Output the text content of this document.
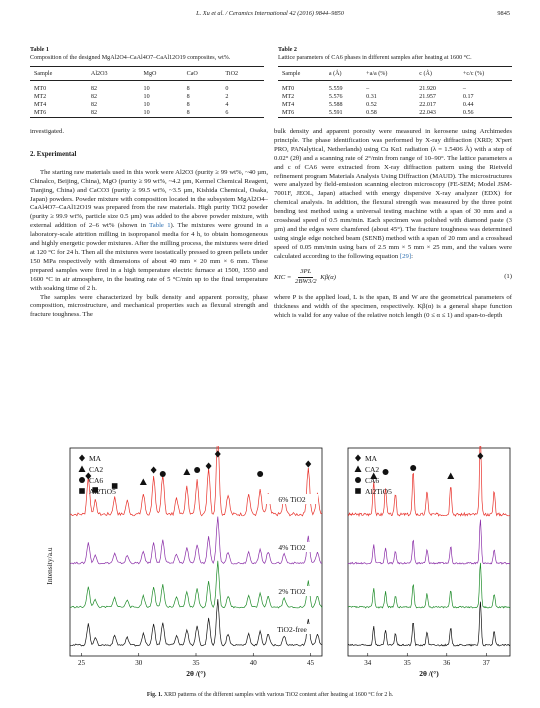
L. Xu et al. / Ceramics International 42 (2016) 9844–9850	9845
Table 1
Composition of the designed MgAl2O4–CaAl4O7–CaAl12O19 composites, wt%.
Sample	Al2O3	MgO	CaO	TiO2
MT0	82	10	8	0
MT2	82	10	8	2
MT4	82	10	8	4
MT6	82	10	8	6
Table 2
Lattice parameters of CA6 phases in different samples after heating at 1600 °C.
Sample	a (Å)	+a/a (%)	c (Å)	+c/c (%)
MT0	5.559	–	21.920	–
MT2	5.576	0.31	21.957	0.17
MT4	5.588	0.52	22.017	0.44
MT6	5.591	0.58	22.043	0.56

investigated.

2. Experimental

The starting raw materials used in this work were Al2O3 (purity ≥ 99 wt%, ~40 µm, Chinalco, Beijing, China), MgO (purity ≥ 99 wt%, ~4.2 µm, Kermel Chemical Reagent, Tianjing, China) and CaCO3 (purity ≥ 99.5 wt%, ~3.5 µm, Kishida Chemical, Osaka, Japan) powders. Powder mixture with composition located in the subsystem MgAl2O4–CaAl4O7–CaAl12O19 was prepared from the raw materials. High purity TiO2 powder (purity ≥ 99.9 wt%, particle size 0.5 µm) was added to the above powder mixture, with external addition of 2–6 wt% (shown in Table 1). The mixtures were ground in a laboratory-scale attrition milling in isopropanol media for 4 h, to obtain homogeneous and highly energetic powder mixtures. After the milling process, the mixtures were dried at 120 °C for 24 h. Then all the mixtures were isostatically pressed to green pellets under 150 MPa respectively with dimensions of about 40 mm × 20 mm × 6 mm. These prepared samples were fired in a high temperature electric furnace at 1500, 1550 and 1600 °C in air atmosphere, in the heating rate of 5 °C/min up to the final temperature with soaking time of 2 h.

The samples were characterized by bulk density and apparent porosity, phase composition, microstructure, and mechanical properties such as flexural strength and fracture toughness. The

bulk density and apparent porosity were measured in kerosene using Archimedes principle. The phase identification was performed by X-ray diffraction (XRD; X'pert PRO, PANalytical, Netherlands) using Cu Kα1 radiation (λ = 1.5406 Å) with a step of 0.02° (2θ) and a scanning rate of 2°/min from range of 10–90°. The lattice parameters a and c of CA6 were extracted from X-ray diffraction pattern using the Rietveld refinement program Materials Analysis Using Diffraction (MAUD). The microstructures were analyzed by field-emission scanning electron microscopy (FE-SEM; Model JSM-7001F, JEOL, Japan) attached with energy dispersive X-ray analyzer (EDX) for chemical analysis. In addition, the flexural strength was measured by the three point bending test method using a universal testing machine with a span of 30 mm and a crosshead speed of 0.5 mm/min. Each specimen was polished with diamond paste (3 µm) and the edges were chamfered (about 45°). The fracture toughness was determined using single edge notched beam (SENB) method with a span of 20 mm and a crosshead speed of 0.05 mm/min using bars of 2.5 mm × 5 mm × 25 mm, and the values were calculated according to the following equation [29]:

KIC = $\frac{3PL}{2BW3/2} K\beta(\alpha)$	(1)

where P is the applied load, L is the span, B and W are the geometrical parameters of thickness and width of the specimen, respectively. Kβ(α) is a general shape function which is valid for any value of the relative notch length (0 ≤ α ≤ 1) and span-to-depth

25	30	35	40	45	34	35	36	37
2θ /(°)	2θ /(°)
Intensity/a.u
6% TiO2
4% TiO2
2% TiO2
TiO2-free
MA
CA2
CA6
Al2TiO5
MA
CA2
CA6
Al2TiO5
Fig. 1. XRD patterns of the different samples with various TiO2 content after heating at 1600 °C for 2 h.
